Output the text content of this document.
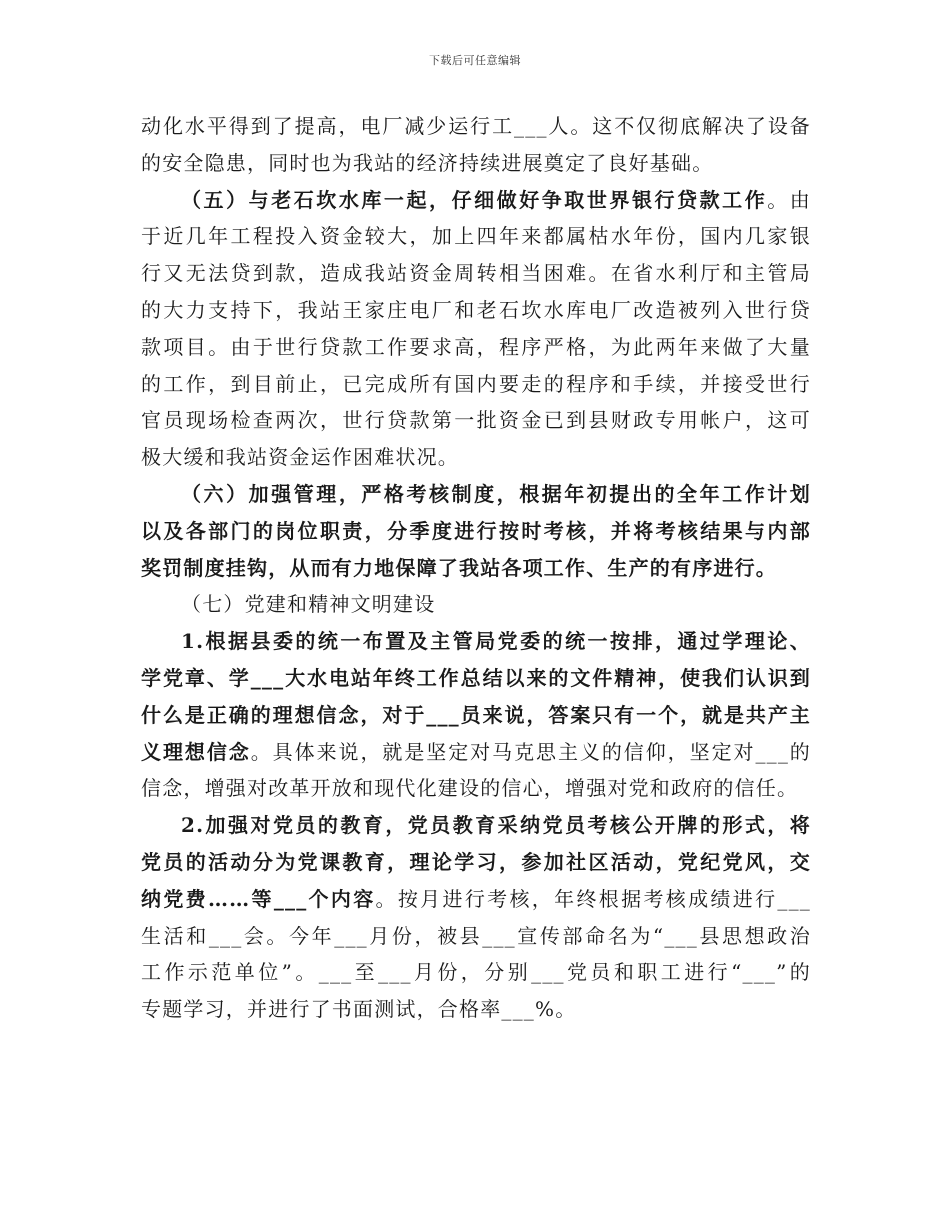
下载后可任意编辑

动化水平得到了提高，电厂减少运行工___人。这不仅彻底解决了设备
的安全隐患，同时也为我站的经济持续进展奠定了良好基础。

（五）与老石坎水库一起，仔细做好争取世界银行贷款工作。由
于近几年工程投入资金较大，加上四年来都属枯水年份，国内几家银
行又无法贷到款，造成我站资金周转相当困难。在省水利厅和主管局
的大力支持下，我站王家庄电厂和老石坎水库电厂改造被列入世行贷
款项目。由于世行贷款工作要求高，程序严格，为此两年来做了大量
的工作，到目前止，已完成所有国内要走的程序和手续，并接受世行
官员现场检查两次，世行贷款第一批资金已到县财政专用帐户，这可
极大缓和我站资金运作困难状况。

（六）加强管理，严格考核制度，根据年初提出的全年工作计划
以及各部门的岗位职责，分季度进行按时考核，并将考核结果与内部
奖罚制度挂钩，从而有力地保障了我站各项工作、生产的有序进行。

（七）党建和精神文明建设

1.根据县委的统一布置及主管局党委的统一按排，通过学理论、
学党章、学___大水电站年终工作总结以来的文件精神，使我们认识到
什么是正确的理想信念，对于___员来说，答案只有一个，就是共产主
义理想信念。具体来说，就是坚定对马克思主义的信仰，坚定对___的
信念，增强对改革开放和现代化建设的信心，增强对党和政府的信任。

2.加强对党员的教育，党员教育采纳党员考核公开牌的形式，将
党员的活动分为党课教育，理论学习，参加社区活动，党纪党风，交
纳党费……等___个内容。按月进行考核，年终根据考核成绩进行___
生活和___会。今年___月份，被县___宣传部命名为“___县思想政治
工作示范单位”。___至___月份，分别___党员和职工进行“___”的
专题学习，并进行了书面测试，合格率___%。
